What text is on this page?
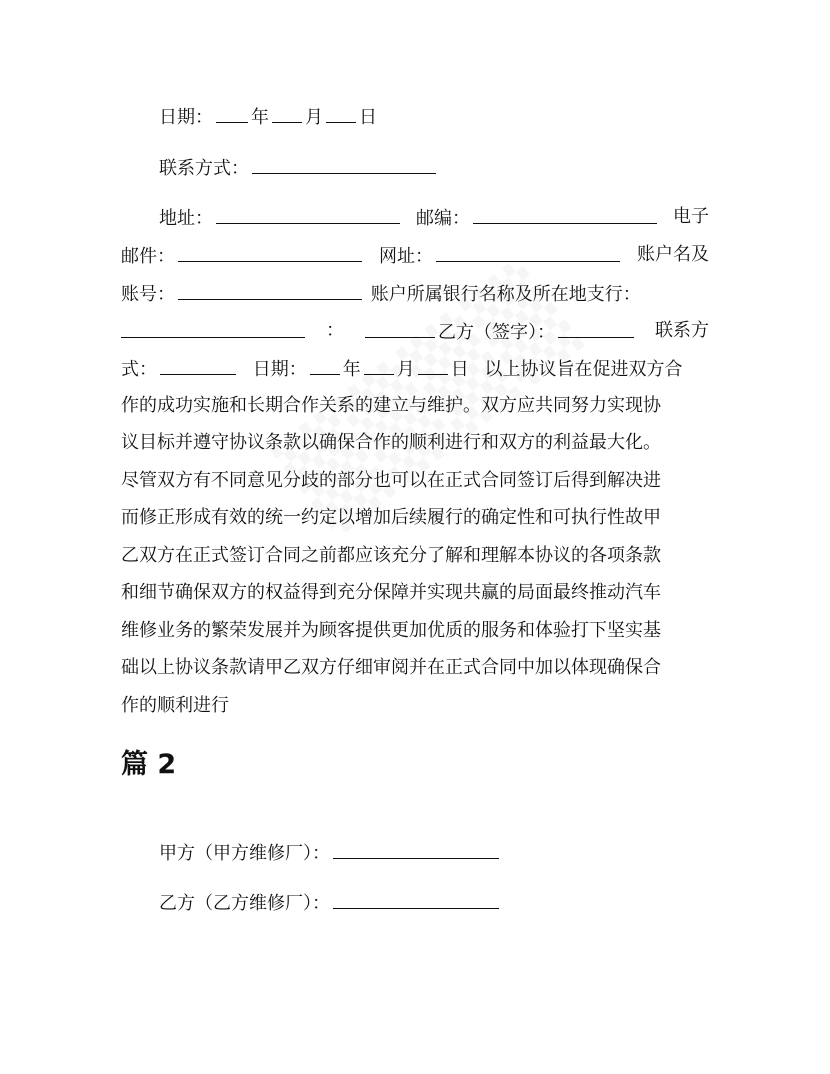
日期： 年 月 日
联系方式：
地址：	邮编：	电子
邮件：	网址：	账户名及
账号：	账户所属银行名称及所在地支行：
：	乙方（签字）：	联系方
式：	日期： 年 月 日 以上协议旨在促进双方合
作的成功实施和长期合作关系的建立与维护。双方应共同努力实现协
议目标并遵守协议条款以确保合作的顺利进行和双方的利益最大化。
尽管双方有不同意见分歧的部分也可以在正式合同签订后得到解决进
而修正形成有效的统一约定以增加后续履行的确定性和可执行性故甲
乙双方在正式签订合同之前都应该充分了解和理解本协议的各项条款
和细节确保双方的权益得到充分保障并实现共赢的局面最终推动汽车
维修业务的繁荣发展并为顾客提供更加优质的服务和体验打下坚实基
础以上协议条款请甲乙双方仔细审阅并在正式合同中加以体现确保合
作的顺利进行
篇 2
甲方（甲方维修厂）：
乙方（乙方维修厂）：
